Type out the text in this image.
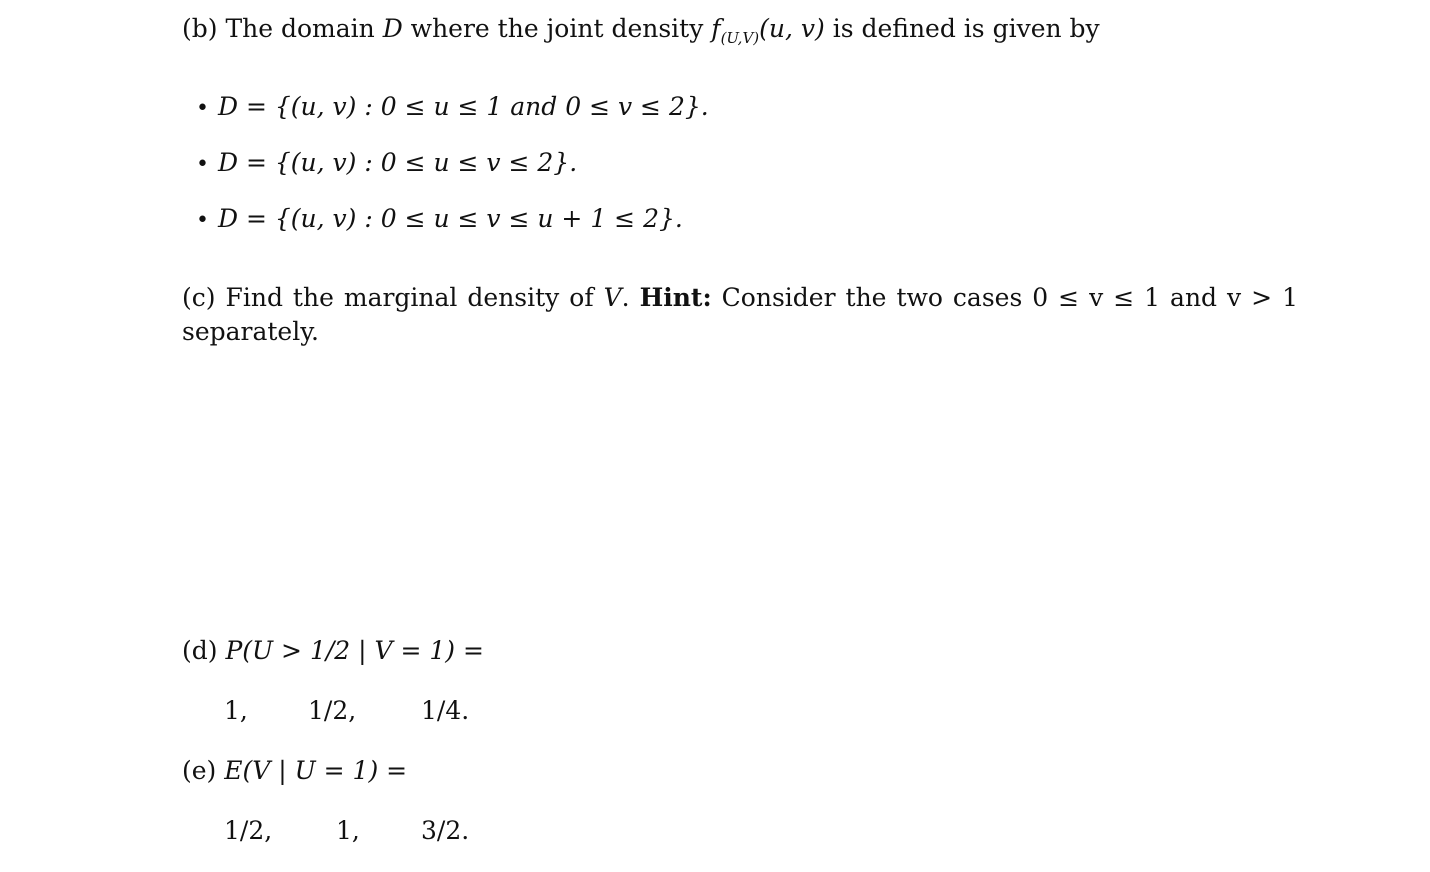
(b) The domain D where the joint density $f_{(U,V)}(u$, v) is defined is given by
• D = {(u, v) : 0 ≤ u ≤ 1 and 0 ≤ v ≤ 2}.
• D = {(u, v) : 0 ≤ u ≤ v ≤ 2}.
• D = {(u, v) : 0 ≤ u ≤ v ≤ u + 1 ≤ 2}.
(c) Find the marginal density of V. Hint: Consider the two cases 0 ≤ v ≤ 1 and v > 1
separately.
(d) P(U > 1/2 | V = 1) =
1, 1/2,	1/4.
(e) E(V | U = 1) =
1/2,	1, 3/2.
